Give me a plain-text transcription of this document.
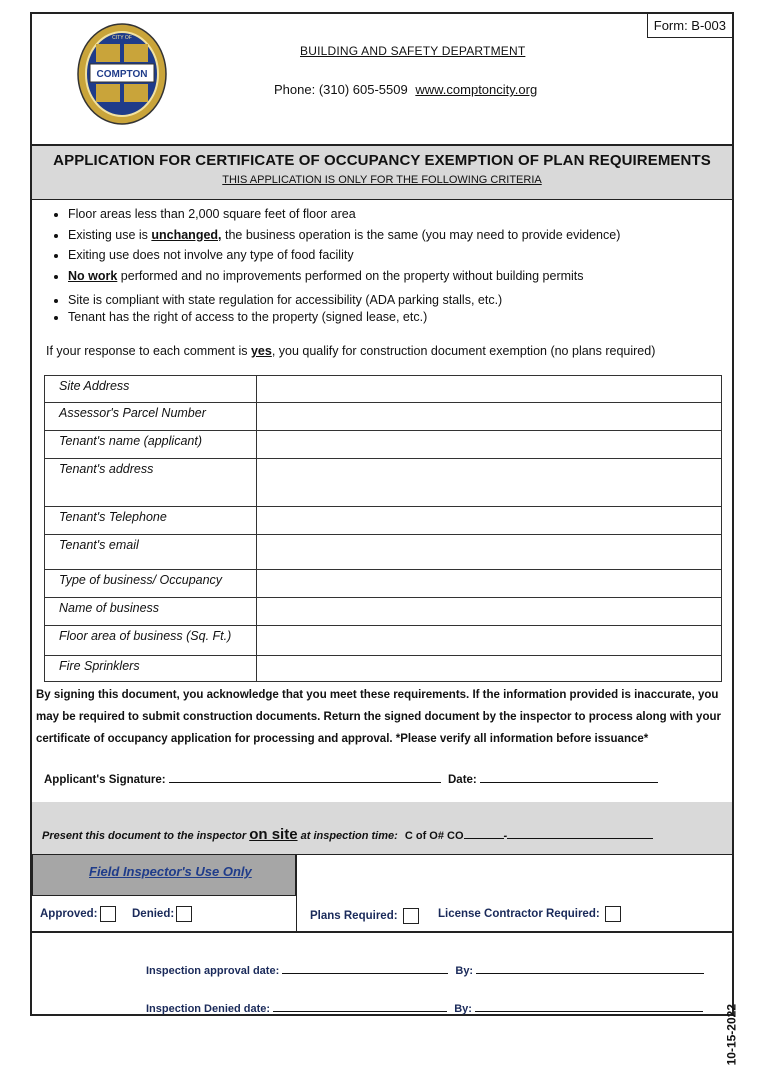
Form: B-003
COMPTON
CITY OF
BUILDING AND SAFETY DEPARTMENT
Phone: (310) 605-5509 www.comptoncity.org
APPLICATION FOR CERTIFICATE OF OCCUPANCY EXEMPTION OF PLAN REQUIREMENTS
THIS APPLICATION IS ONLY FOR THE FOLLOWING CRITERIA
• Floor areas less than 2,000 square feet of floor area
• Existing use is unchanged, the business operation is the same (you may need to provide evidence)
• Exiting use does not involve any type of food facility
• No work performed and no improvements performed on the property without building permits
• Site is compliant with state regulation for accessibility (ADA parking stalls, etc.)
• Tenant has the right of access to the property (signed lease, etc.)
If your response to each comment is yes, you qualify for construction document exemption (no plans required)
Site Address	
Assessor's Parcel Number	
Tenant's name (applicant)	
Tenant's address	
Tenant's Telephone	
Tenant's email	
Type of business/ Occupancy	
Name of business	
Floor area of business (Sq. Ft.)	
Fire Sprinklers	
By signing this document, you acknowledge that you meet these requirements. If the information provided is inaccurate, you may be required to submit construction documents. Return the signed document by the inspector to process along with your certificate of occupancy application for processing and approval. *Please verify all information before issuance*
Applicant's Signature:	Date:
Present this document to the inspector on site at inspection time: C of O# CO	-
Field Inspector's Use Only
Approved:	Denied:	Plans Required:	License Contractor Required:
Inspection approval date:	By:
Inspection Denied date:	By:	10-15-2022
